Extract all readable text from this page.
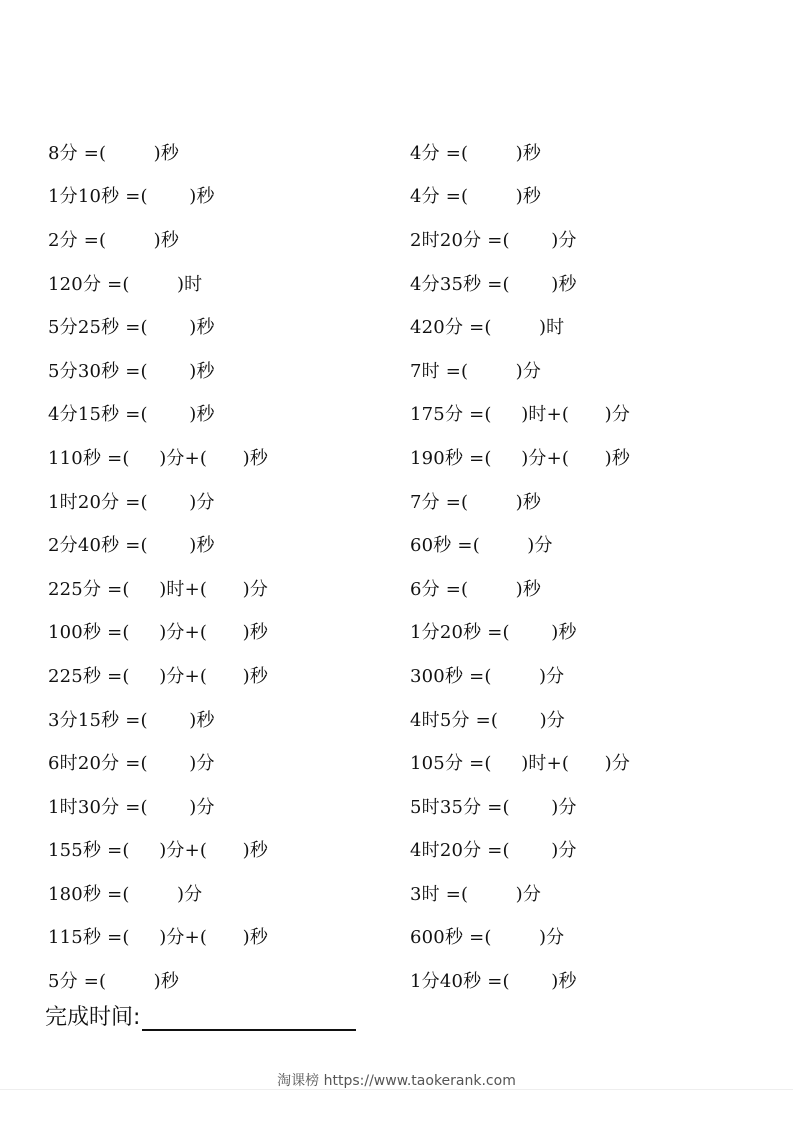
8分 =(        )秒
1分10秒 =(       )秒
2分 =(        )秒
120分 =(        )时
5分25秒 =(       )秒
5分30秒 =(       )秒
4分15秒 =(       )秒
110秒 =(     )分+(      )秒
1时20分 =(       )分
2分40秒 =(       )秒
225分 =(     )时+(      )分
100秒 =(     )分+(      )秒
225秒 =(     )分+(      )秒
3分15秒 =(       )秒
6时20分 =(       )分
1时30分 =(       )分
155秒 =(     )分+(      )秒
180秒 =(        )分
115秒 =(     )分+(      )秒
5分 =(        )秒
4分 =(        )秒
4分 =(        )秒
2时20分 =(       )分
4分35秒 =(       )秒
420分 =(        )时
7时 =(        )分
175分 =(     )时+(      )分
190秒 =(     )分+(      )秒
7分 =(        )秒
60秒 =(        )分
6分 =(        )秒
1分20秒 =(       )秒
300秒 =(        )分
4时5分 =(       )分
105分 =(     )时+(      )分
5时35分 =(       )分
4时20分 =(       )分
3时 =(        )分
600秒 =(        )分
1分40秒 =(       )秒
完成时间:
淘课榜 https://www.taokerank.com
